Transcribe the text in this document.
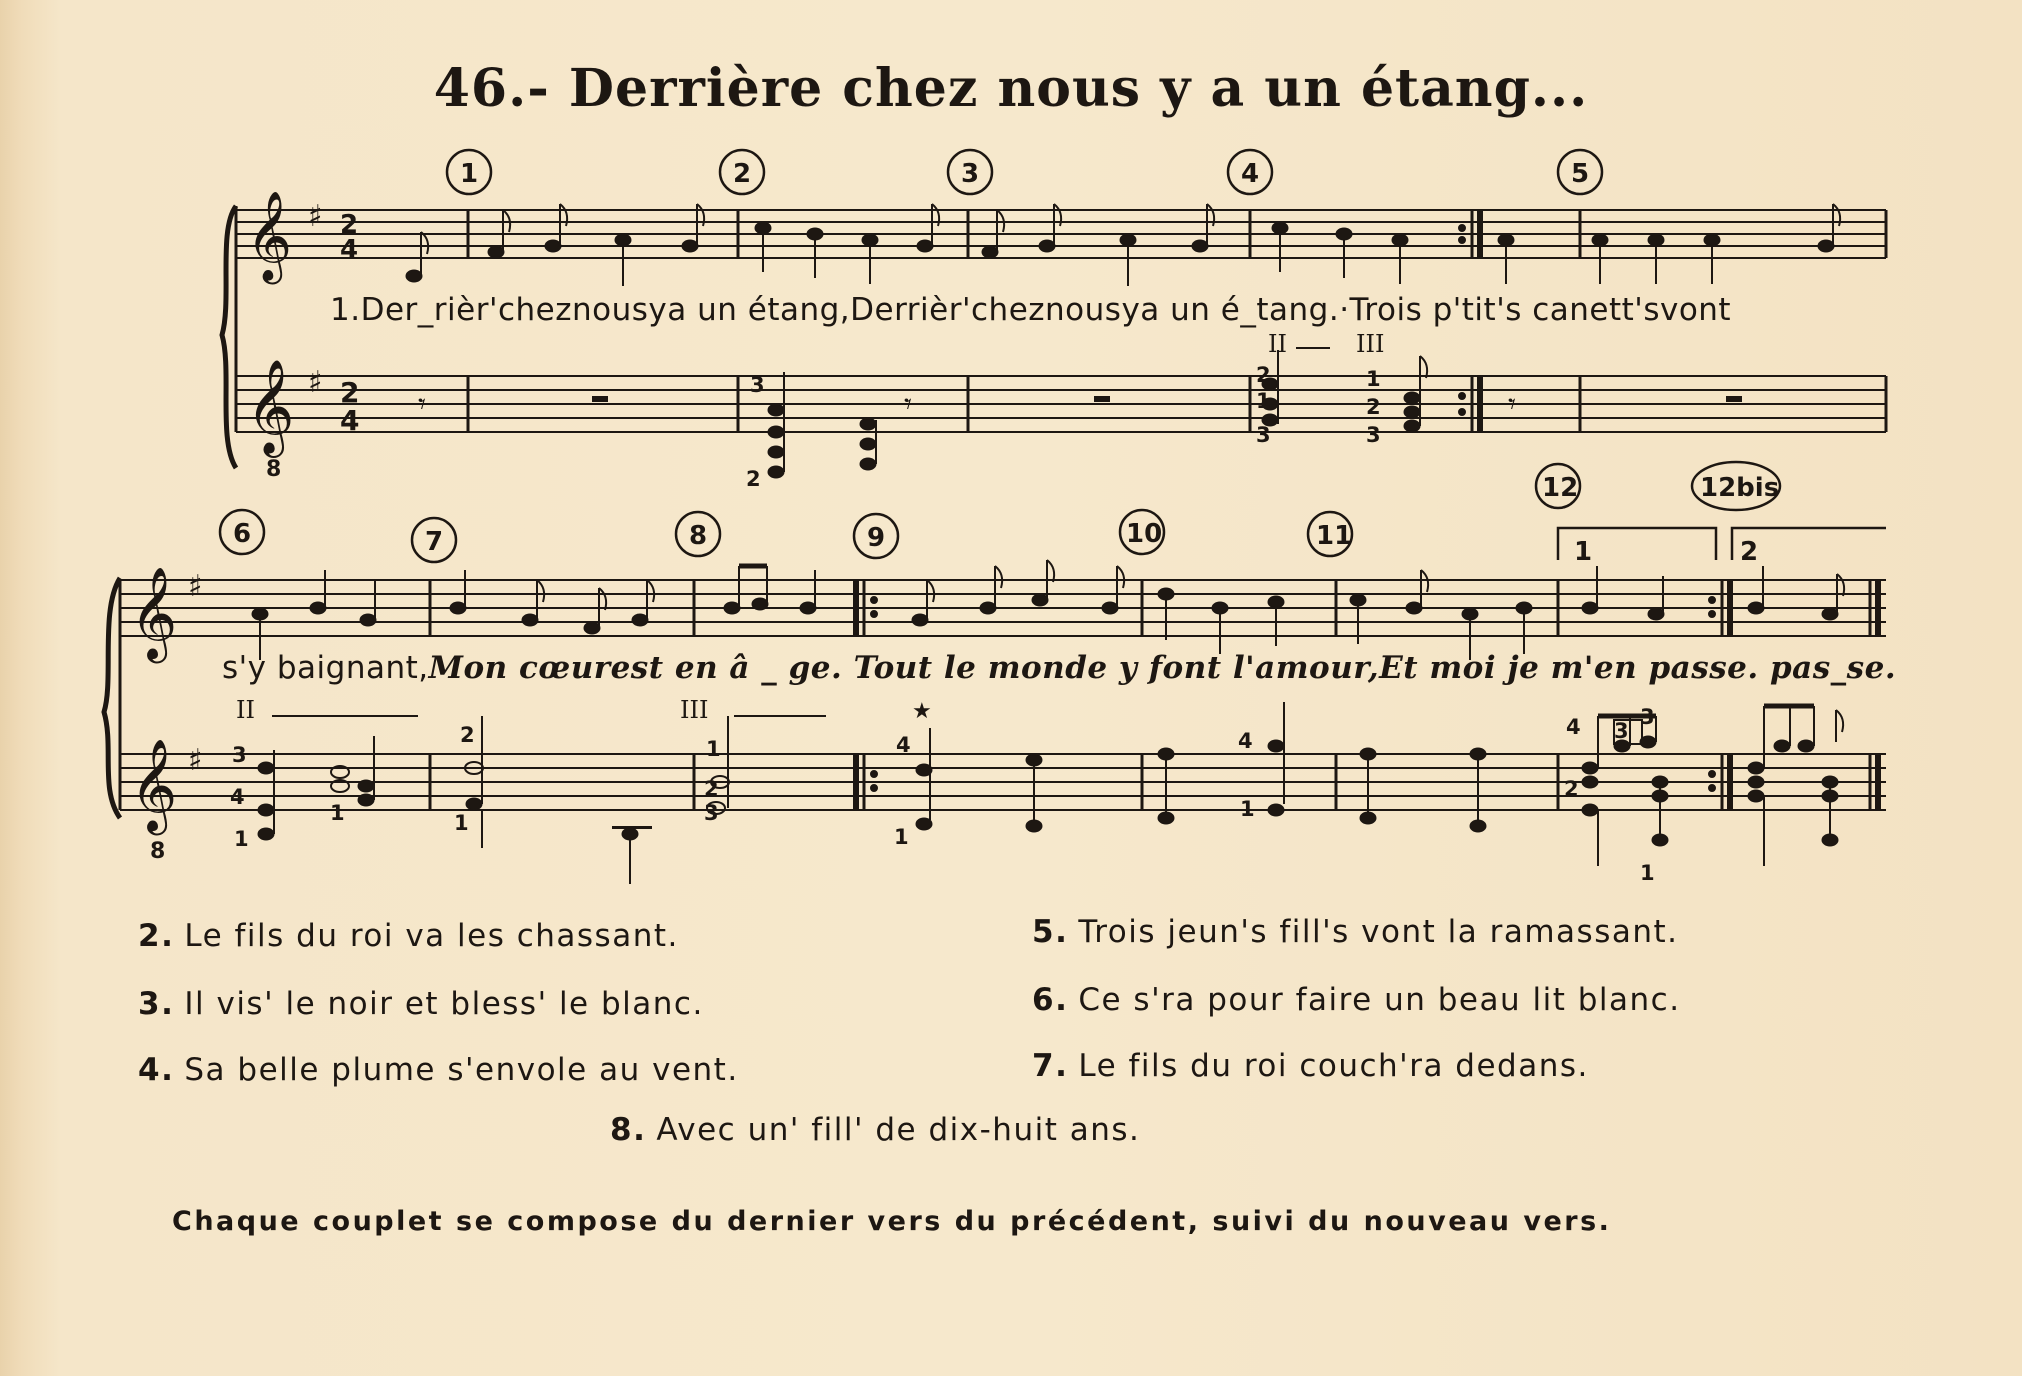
46.- Derrière chez nous y a un étang...
𝄞
𝄞
♯
♯
2
4
2
4
8
1	2	3	4	5
𝄾	𝄾	𝄾
3
2
2
1
3
1
2
3
II	III
𝄞
𝄞
♯
♯
8
6	7	8	9	10	11
12	12bis
1	2
3
4
1
1
2
1
1
2
3
4
1
4
1
4
2
3
3
1
II	III	★
1.Der_rièr'cheznousya un étang,Derrièr'cheznousya un é_tang.·Trois p'tit's canett'svont
s'y baignant,Mon cœurest en â _ ge. Tout le monde y font l'amour,Et moi je m'en passe. pas_se.
2. Le fils du roi va les chassant.
3. Il vis' le noir et bless' le blanc.
4. Sa belle plume s'envole au vent.
5. Trois jeun's fill's vont la ramassant.
6. Ce s'ra pour faire un beau lit blanc.
7. Le fils du roi couch'ra dedans.
8. Avec un' fill' de dix-huit ans.
Chaque couplet se compose du dernier vers du précédent, suivi du nouveau vers.
